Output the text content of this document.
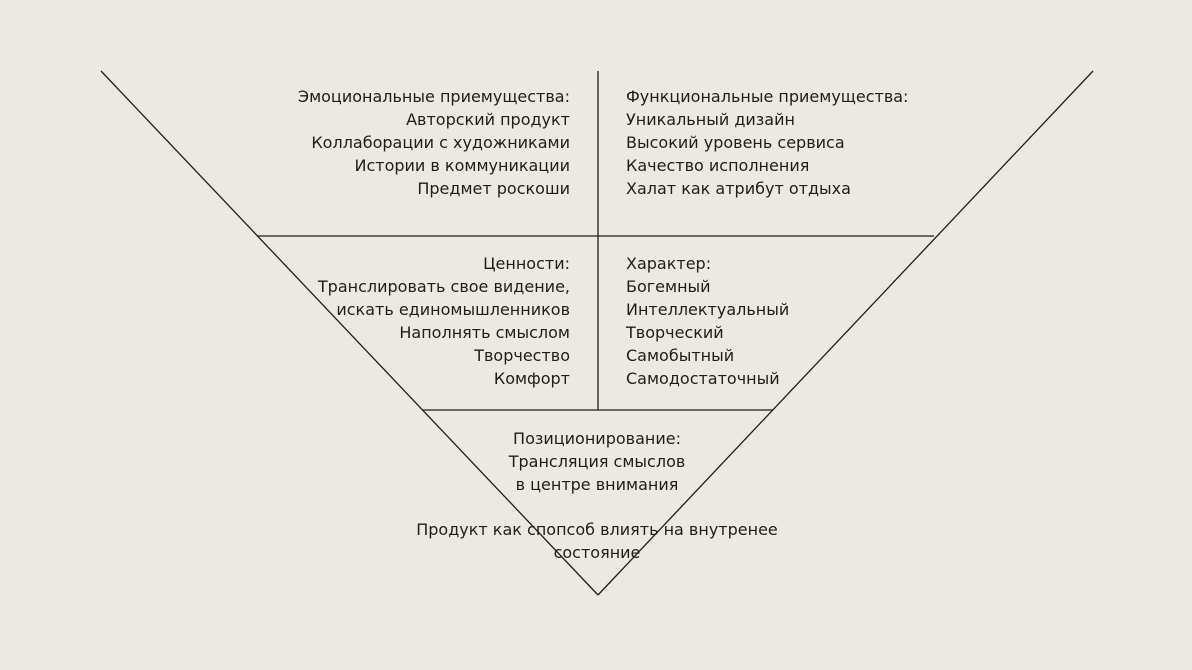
Эмоциональные приемущества:
Авторский продукт
Коллаборации с художниками
Истории в коммуникации
Предмет роскоши
Функциональные приемущества:
Уникальный дизайн
Высокий уровень сервиса
Качество исполнения
Халат как атрибут отдыха
Ценности:
Транслировать свое видение,
искать единомышленников
Наполнять смыслом
Творчество
Комфорт
Характер:
Богемный
Интеллектуальный
Творческий
Самобытный
Самодостаточный
Позиционирование:
Трансляция смыслов
в центре внимания
Продукт как спопсоб влиять на внутренее
состояние
